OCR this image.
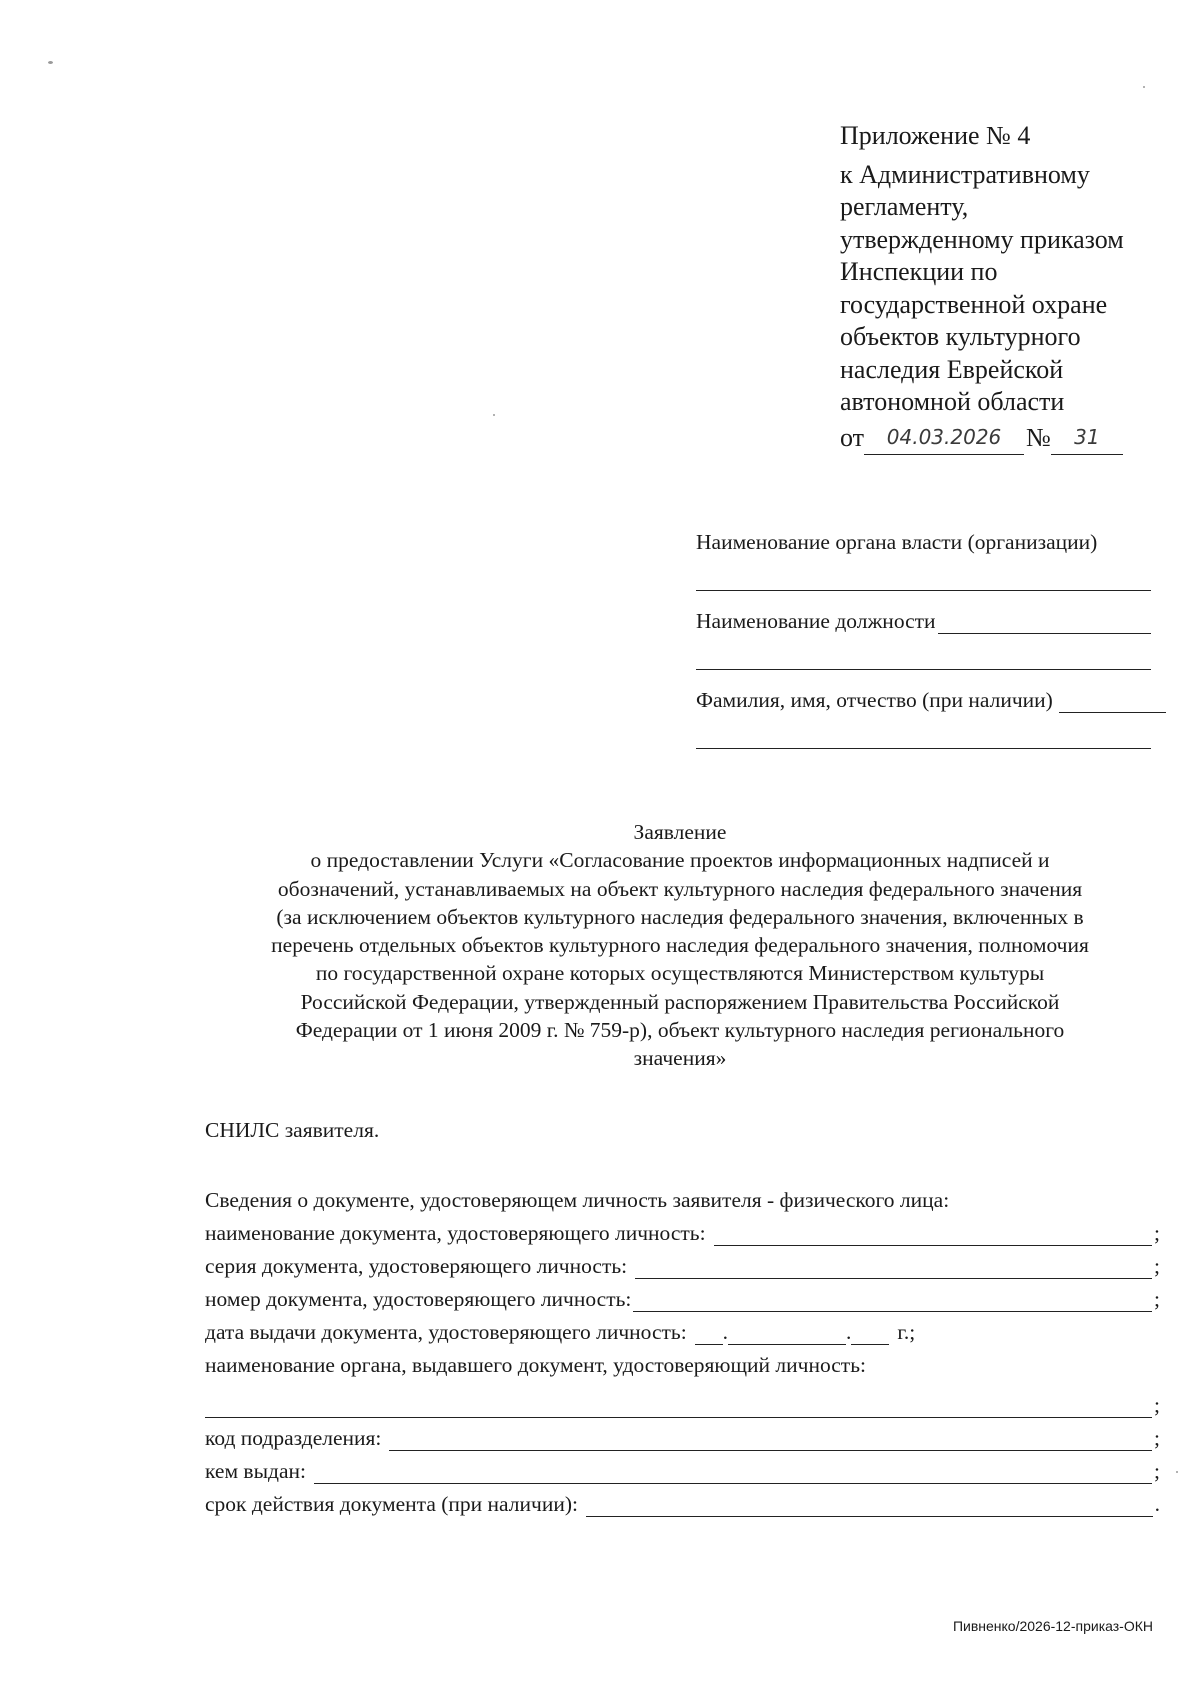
Приложение № 4
к Административному
регламенту,
утвержденному приказом
Инспекции по
государственной охране
объектов культурного
наследия Еврейской
автономной области
от	04.03.2026 №	31
Наименование органа власти (организации)
Наименование должности
Фамилия, имя, отчество (при наличии)
Заявление
о предоставлении Услуги «Согласование проектов информационных надписей и
обозначений, устанавливаемых на объект культурного наследия федерального значения
(за исключением объектов культурного наследия федерального значения, включенных в
перечень отдельных объектов культурного наследия федерального значения, полномочия
по государственной охране которых осуществляются Министерством культуры
Российской Федерации, утвержденный распоряжением Правительства Российской
Федерации от 1 июня 2009 г. № 759-р), объект культурного наследия регионального
значения»
СНИЛС заявителя.
Сведения о документе, удостоверяющем личность заявителя - физического лица:
наименование документа, удостоверяющего личность:	;
серия документа, удостоверяющего личность:	;
номер документа, удостоверяющего личность:	;
дата выдачи документа, удостоверяющего личность: .	. г.;
наименование органа, выдавшего документ, удостоверяющий личность:
;
код подразделения:	;
кем выдан:	;
срок действия документа (при наличии):	.
Пивненко/2026-12-приказ-ОКН
